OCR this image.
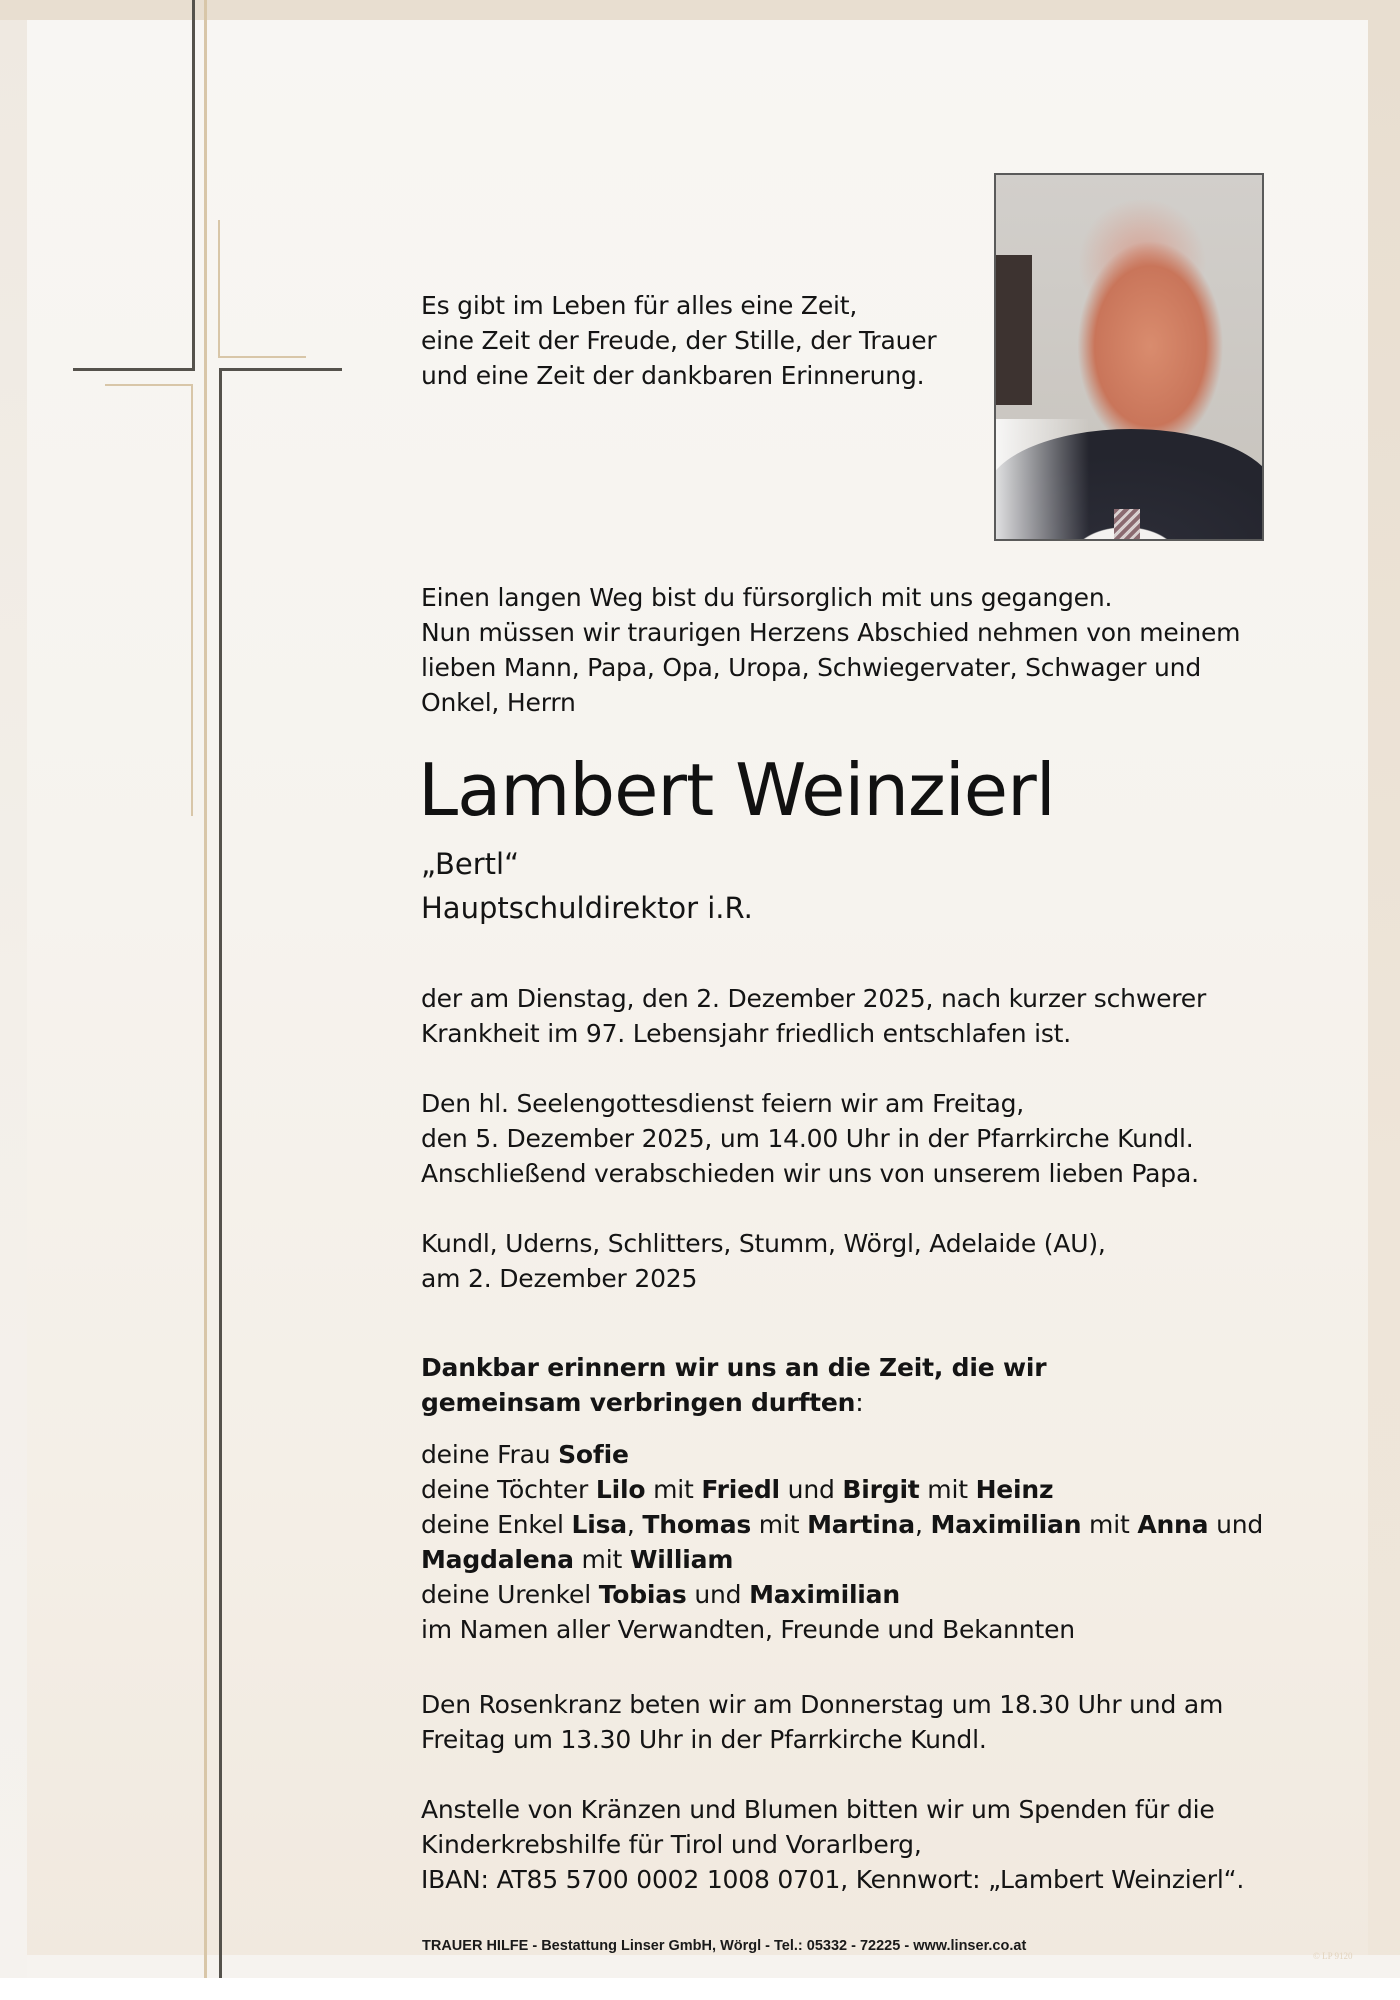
Es gibt im Leben für alles eine Zeit,
eine Zeit der Freude, der Stille, der Trauer
und eine Zeit der dankbaren Erinnerung.
Einen langen Weg bist du fürsorglich mit uns gegangen.
Nun müssen wir traurigen Herzens Abschied nehmen von meinem
lieben Mann, Papa, Opa, Uropa, Schwiegervater, Schwager und
Onkel, Herrn
Lambert Weinzierl
„Bertl“
Hauptschuldirektor i.R.
der am Dienstag, den 2. Dezember 2025, nach kurzer schwerer
Krankheit im 97. Lebensjahr friedlich entschlafen ist.
Den hl. Seelengottesdienst feiern wir am Freitag,
den 5. Dezember 2025, um 14.00 Uhr in der Pfarrkirche Kundl.
Anschließend verabschieden wir uns von unserem lieben Papa.
Kundl, Uderns, Schlitters, Stumm, Wörgl, Adelaide (AU),
am 2. Dezember 2025
Dankbar erinnern wir uns an die Zeit, die wir
gemeinsam verbringen durften:
deine Frau Sofie
deine Töchter Lilo mit Friedl und Birgit mit Heinz
deine Enkel Lisa, Thomas mit Martina, Maximilian mit Anna und
Magdalena mit William
deine Urenkel Tobias und Maximilian
im Namen aller Verwandten, Freunde und Bekannten
Den Rosenkranz beten wir am Donnerstag um 18.30 Uhr und am
Freitag um 13.30 Uhr in der Pfarrkirche Kundl.
Anstelle von Kränzen und Blumen bitten wir um Spenden für die
Kinderkrebshilfe für Tirol und Vorarlberg,
IBAN: AT85 5700 0002 1008 0701, Kennwort: „Lambert Weinzierl“.
TRAUER HILFE - Bestattung Linser GmbH, Wörgl - Tel.: 05332 - 72225 - www.linser.co.at
© LP 9120
